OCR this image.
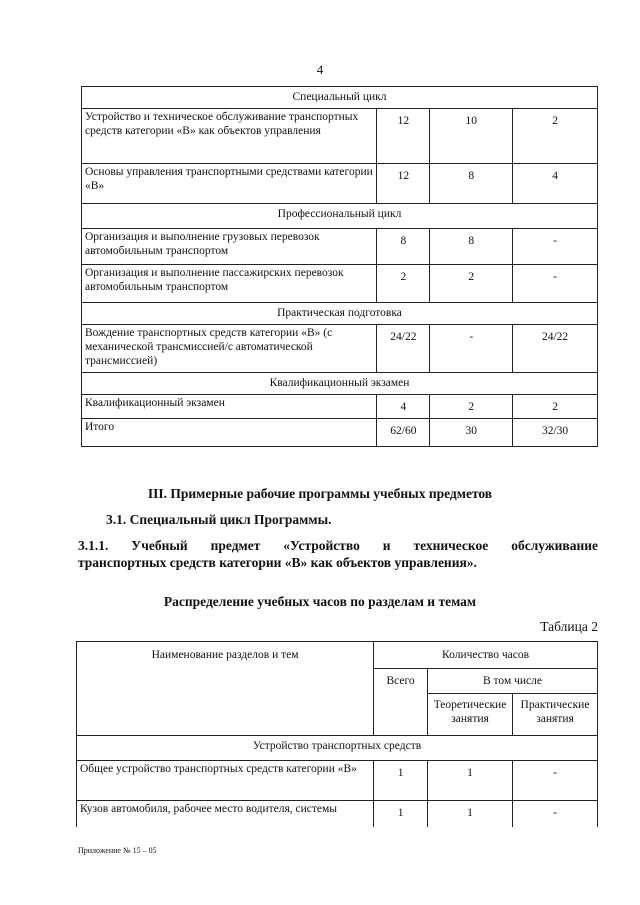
4
Специальный цикл			
Устройство и техническое обслуживание транспортных средств категории «В» как объектов управления	12	10	2
Основы управления транспортными средствами категории «В»	12	8	4
Профессиональный цикл			
Организация и выполнение грузовых перевозок автомобильным транспортом	8	8	-
Организация и выполнение пассажирских перевозок автомобильным транспортом	2	2	-
Практическая подготовка			
Вождение транспортных средств категории «В» (с механической трансмиссией/с автоматической трансмиссией)	24/22	-	24/22
Квалификационный экзамен			
Квалификационный экзамен	4	2	2
Итого	62/60	30	32/30
III. Примерные рабочие программы учебных предметов
3.1. Специальный цикл Программы.
3.1.1. Учебный предмет «Устройство и техническое обслуживание
транспортных средств категории «В» как объектов управления».
Распределение учебных часов по разделам и темам
Таблица 2
Наименование разделов и тем	Количество часов		
	Всего	В том числе	
		Теоретические занятия	Практические занятия
Устройство транспортных средств			
Общее устройство транспортных средств категории «В»	1	1	-
Кузов автомобиля, рабочее место водителя, системы	1	1	-
Приложение № 15 – 05
